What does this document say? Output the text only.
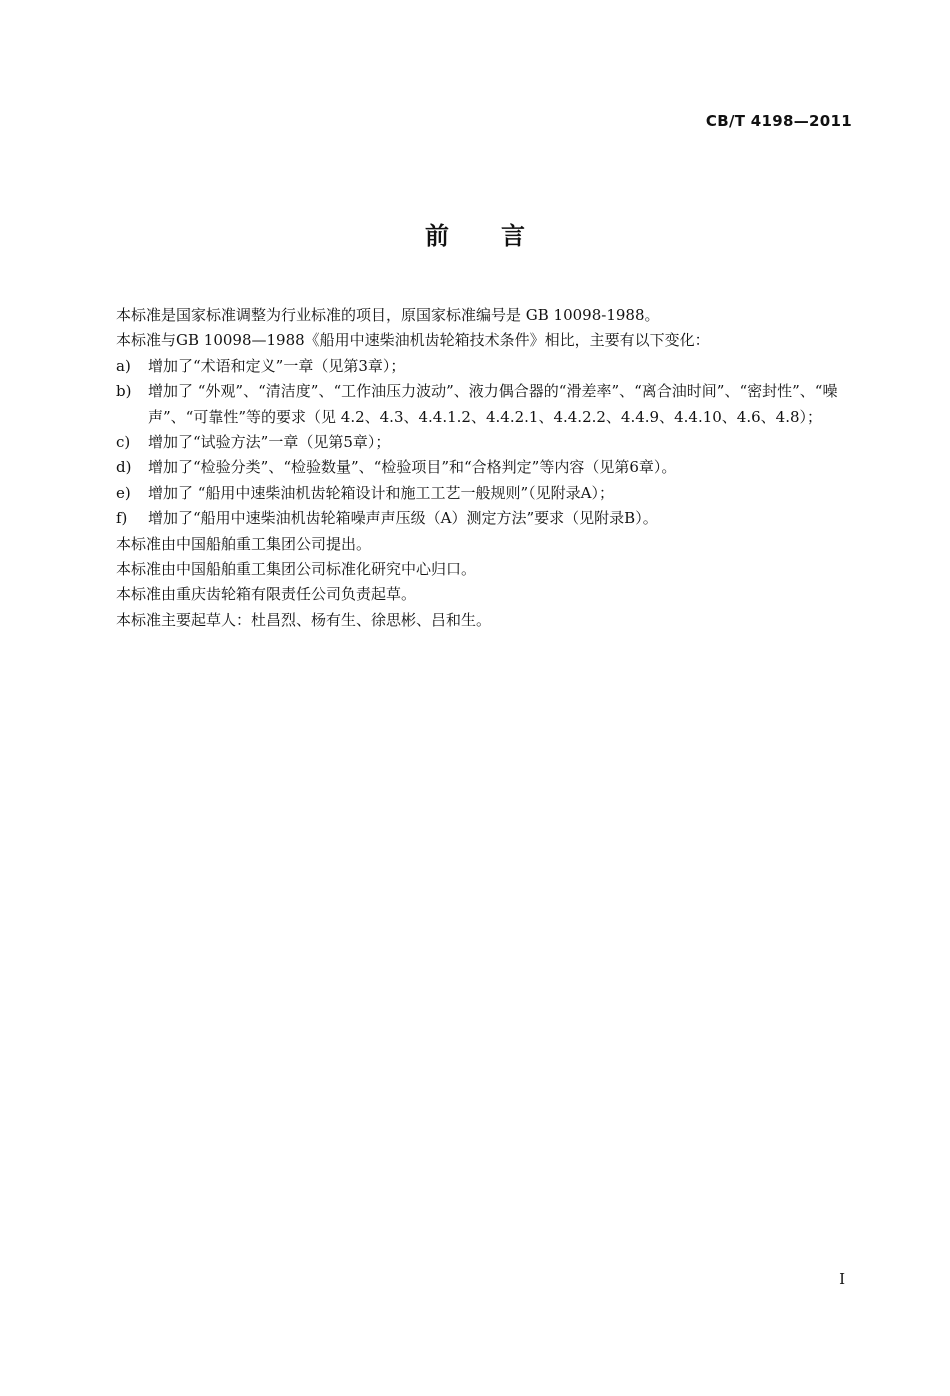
CB/T 4198—2011
前 言

本标准是国家标准调整为行业标准的项目，原国家标准编号是 GB 10098-1988。

本标准与GB 10098—1988《船用中速柴油机齿轮箱技术条件》相比，主要有以下变化：

a)	增加了“术语和定义”一章（见第3章）；
b)	增加了 “外观”、“清洁度”、“工作油压力波动”、液力偶合器的“滑差率”、“离合油时间”、“密封性”、“噪声”、“可靠性”等的要求（见 4.2、4.3、4.4.1.2、4.4.2.1、4.4.2.2、4.4.9、4.4.10、4.6、4.8）；
c)	增加了“试验方法”一章（见第5章）；
d)	增加了“检验分类”、“检验数量”、“检验项目”和“合格判定”等内容（见第6章）。
e)	增加了 “船用中速柴油机齿轮箱设计和施工工艺一般规则”（见附录A）；
f)	增加了“船用中速柴油机齿轮箱噪声声压级（A）测定方法”要求（见附录B）。

本标准由中国船舶重工集团公司提出。

本标准由中国船舶重工集团公司标准化研究中心归口。

本标准由重庆齿轮箱有限责任公司负责起草。

本标准主要起草人：杜昌烈、杨有生、徐思彬、吕和生。

I
